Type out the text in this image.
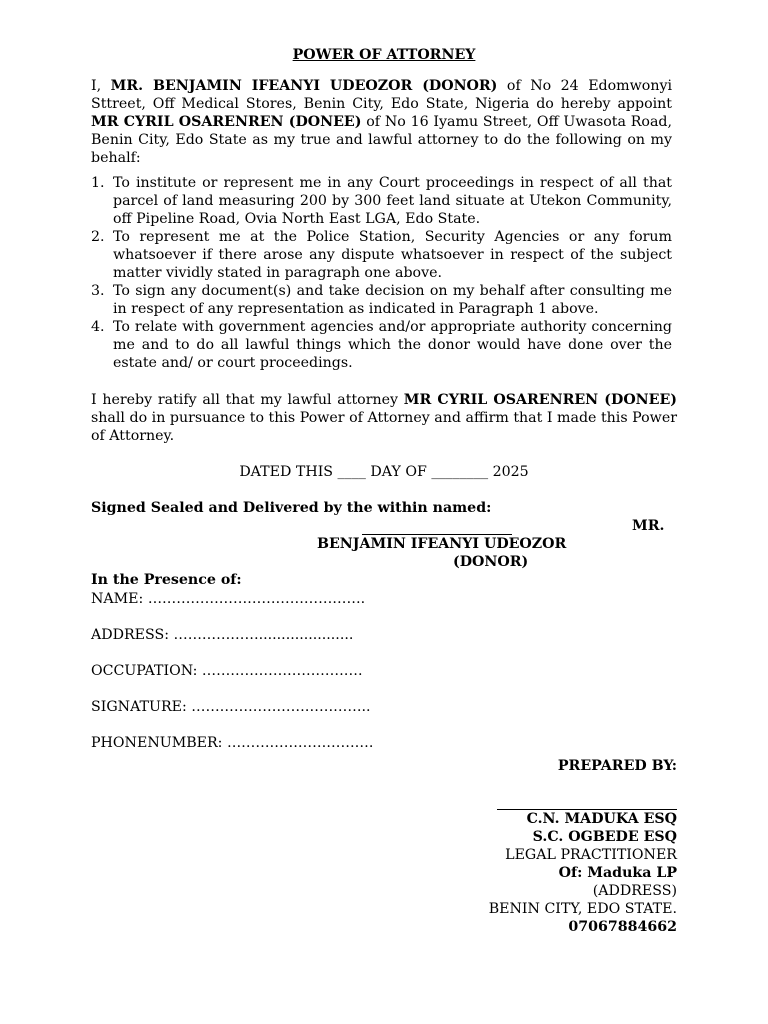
POWER OF ATTORNEY
I, MR. BENJAMIN IFEANYI UDEOZOR (DONOR) of No 24 Edomwonyi Sttreet, Off Medical Stores, Benin City, Edo State, Nigeria do hereby appoint MR CYRIL OSARENREN (DONEE) of No 16 Iyamu Street, Off Uwasota Road, Benin City, Edo State as my true and lawful attorney to do the following on my behalf:
1. To institute or represent me in any Court proceedings in respect of all that parcel of land measuring 200 by 300 feet land situate at Utekon Community, off Pipeline Road, Ovia North East LGA, Edo State.
2. To represent me at the Police Station, Security Agencies or any forum whatsoever if there arose any dispute whatsoever in respect of the subject matter vividly stated in paragraph one above.
3. To sign any document(s) and take decision on my behalf after consulting me in respect of any representation as indicated in Paragraph 1 above.
4. To relate with government agencies and/or appropriate authority concerning me and to do all lawful things which the donor would have done over the estate and/ or court proceedings.
I hereby ratify all that my lawful attorney MR CYRIL OSARENREN (DONEE) shall do in pursuance to this Power of Attorney and affirm that I made this Power of Attorney.
DATED THIS ____ DAY OF ________ 2025
Signed Sealed and Delivered by the within named:
MR.
BENJAMIN IFEANYI UDEOZOR
(DONOR)
In the Presence of:
NAME: ……………………………………….
ADDRESS: ……………….....................
OCCUPATION: …………………………….
SIGNATURE: ………………………………..
PHONENUMBER: ………………………….
PREPARED BY:
C.N. MADUKA ESQ
S.C. OGBEDE ESQ
LEGAL PRACTITIONER
Of: Maduka LP
(ADDRESS)
BENIN CITY, EDO STATE.
07067884662
